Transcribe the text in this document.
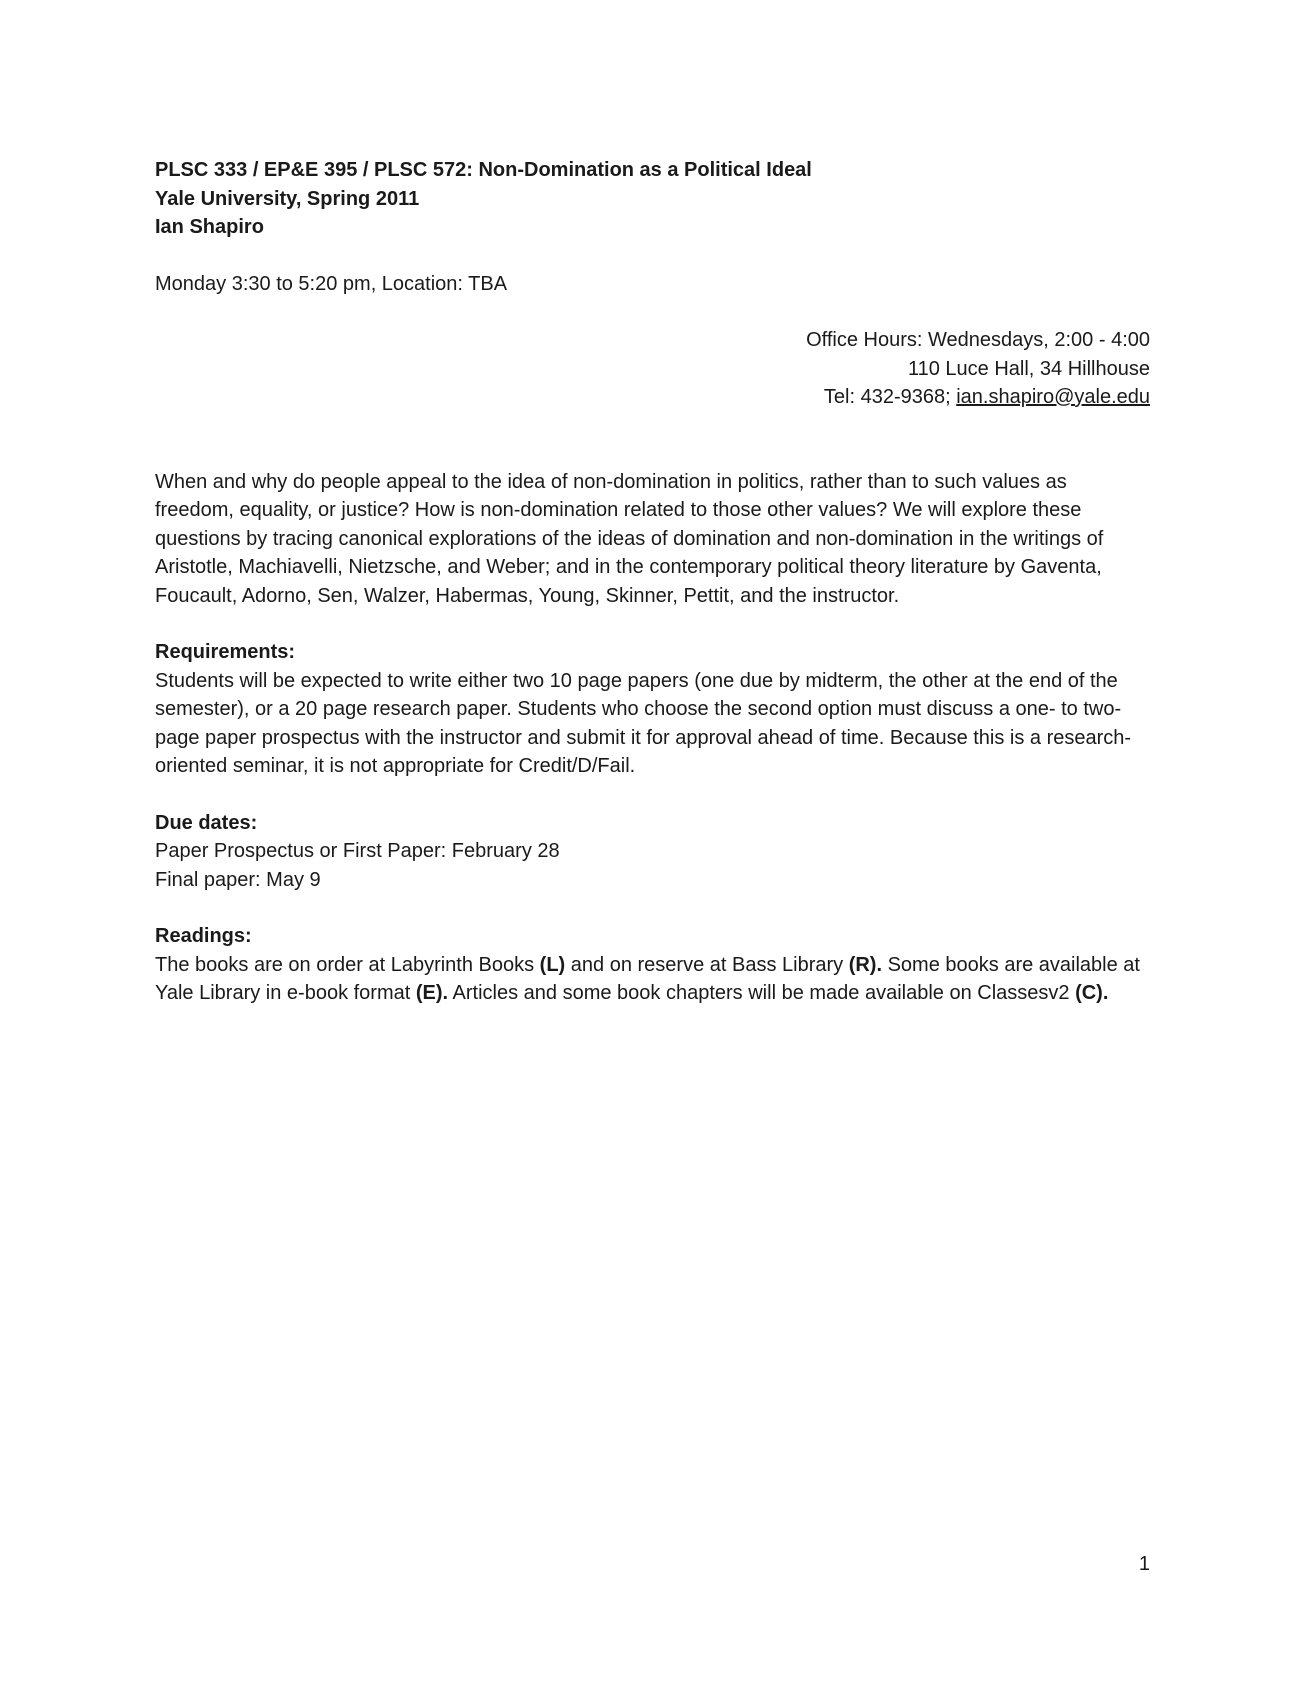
PLSC 333 / EP&E 395 / PLSC 572: Non-Domination as a Political Ideal

Yale University, Spring 2011

Ian Shapiro

Monday 3:30 to 5:20 pm, Location: TBA

Office Hours: Wednesdays, 2:00 - 4:00
110 Luce Hall, 34 Hillhouse
Tel: 432-9368; ian.shapiro@yale.edu

When and why do people appeal to the idea of non-domination in politics, rather than to such values as freedom, equality, or justice? How is non-domination related to those other values? We will explore these questions by tracing canonical explorations of the ideas of domination and non-domination in the writings of Aristotle, Machiavelli, Nietzsche, and Weber; and in the contemporary political theory literature by Gaventa, Foucault, Adorno, Sen, Walzer, Habermas, Young, Skinner, Pettit, and the instructor.

Requirements:

Students will be expected to write either two 10 page papers (one due by midterm, the other at the end of the semester), or a 20 page research paper. Students who choose the second option must discuss a one- to two-page paper prospectus with the instructor and submit it for approval ahead of time. Because this is a research-oriented seminar, it is not appropriate for Credit/D/Fail.

Due dates:

Paper Prospectus or First Paper: February 28

Final paper: May 9

Readings:

The books are on order at Labyrinth Books (L) and on reserve at Bass Library (R). Some books are available at Yale Library in e-book format (E). Articles and some book chapters will be made available on Classesv2 (C).

1
